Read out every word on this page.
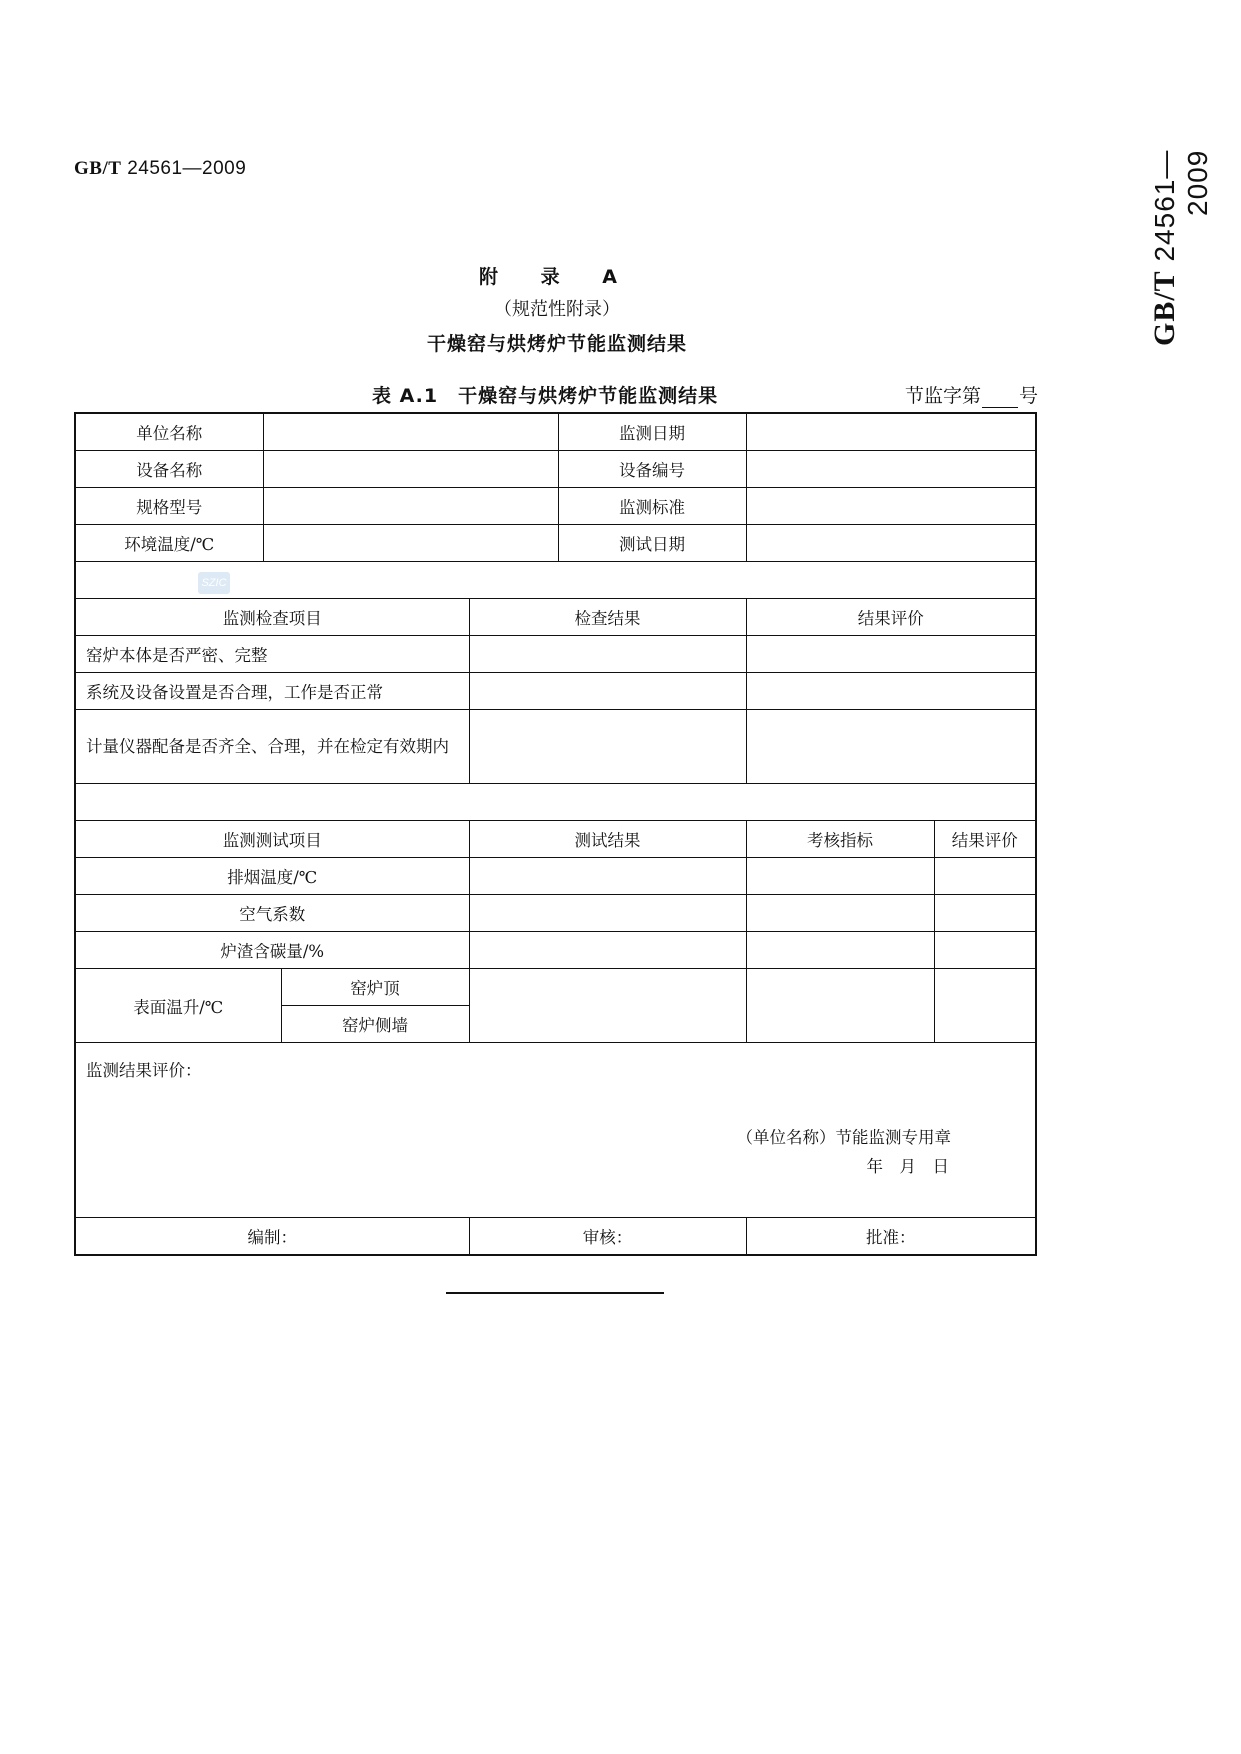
GB/T 24561—2009
GB/T 24561—2009
附 录 A
（规范性附录）
干燥窑与烘烤炉节能监测结果
表 A.1　干燥窑与烘烤炉节能监测结果	节监字第 号
SZIC
单位名称				监测日期		
设备名称				设备编号		
规格型号				监测标准		
环境温度/℃				测试日期		

监测检查项目			检查结果		结果评价	
窑炉本体是否严密、完整						
系统及设备设置是否合理，工作是否正常						
计量仪器配备是否齐全、合理，并在检定有效期内						

监测测试项目			测试结果		考核指标	结果评价
排烟温度/℃						
空气系数						
炉渣含碳量/%						
表面温升/℃		窑炉顶				
		窑炉侧墙				

监测结果评价：
（单位名称）节能监测专用章
年　月　日						

编制：			审核：		批准：	
